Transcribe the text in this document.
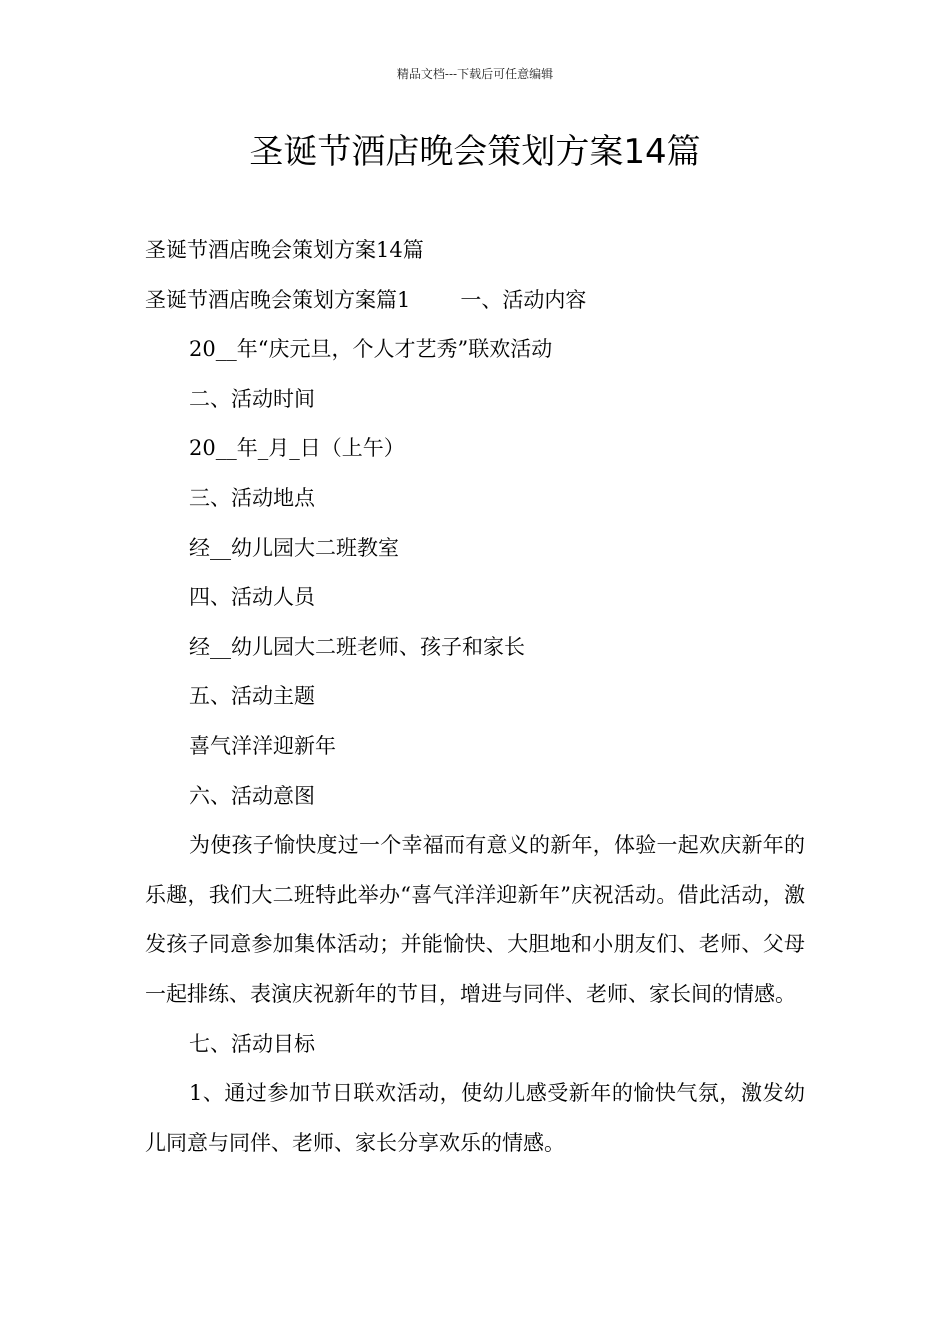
精品文档---下载后可任意编辑
圣诞节酒店晚会策划方案14篇

圣诞节酒店晚会策划方案14篇

圣诞节酒店晚会策划方案篇1 一、活动内容

20__年“庆元旦，个人才艺秀”联欢活动

二、活动时间

20__年_月_日（上午）

三、活动地点

经__幼儿园大二班教室

四、活动人员

经__幼儿园大二班老师、孩子和家长

五、活动主题

喜气洋洋迎新年

六、活动意图

为使孩子愉快度过一个幸福而有意义的新年，体验一起欢庆新年的乐趣，我们大二班特此举办“喜气洋洋迎新年”庆祝活动。借此活动，激发孩子同意参加集体活动；并能愉快、大胆地和小朋友们、老师、父母一起排练、表演庆祝新年的节目，增进与同伴、老师、家长间的情感。

七、活动目标

1、通过参加节日联欢活动，使幼儿感受新年的愉快气氛，激发幼儿同意与同伴、老师、家长分享欢乐的情感。
